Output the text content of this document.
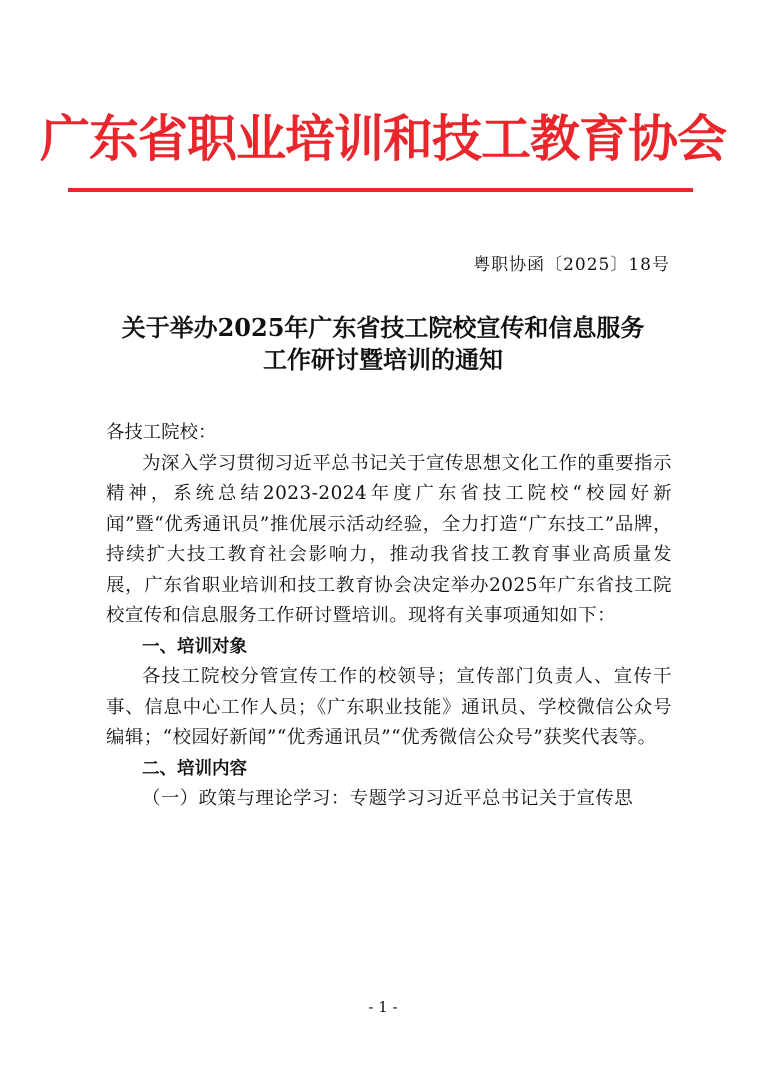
广东省职业培训和技工教育协会
粤职协函〔2025〕18号
关于举办2025年广东省技工院校宣传和信息服务
工作研讨暨培训的通知

各技工院校：

为深入学习贯彻习近平总书记关于宣传思想文化工作的重要指示精神，系统总结2023-2024年度广东省技工院校“校园好新闻”暨“优秀通讯员”推优展示活动经验，全力打造“广东技工”品牌，持续扩大技工教育社会影响力，推动我省技工教育事业高质量发展，广东省职业培训和技工教育协会决定举办2025年广东省技工院校宣传和信息服务工作研讨暨培训。现将有关事项通知如下：

一、培训对象

各技工院校分管宣传工作的校领导；宣传部门负责人、宣传干事、信息中心工作人员；《广东职业技能》通讯员、学校微信公众号编辑；“校园好新闻”“优秀通讯员”“优秀微信公众号”获奖代表等。

二、培训内容

（一）政策与理论学习：专题学习习近平总书记关于宣传思

- 1 -
